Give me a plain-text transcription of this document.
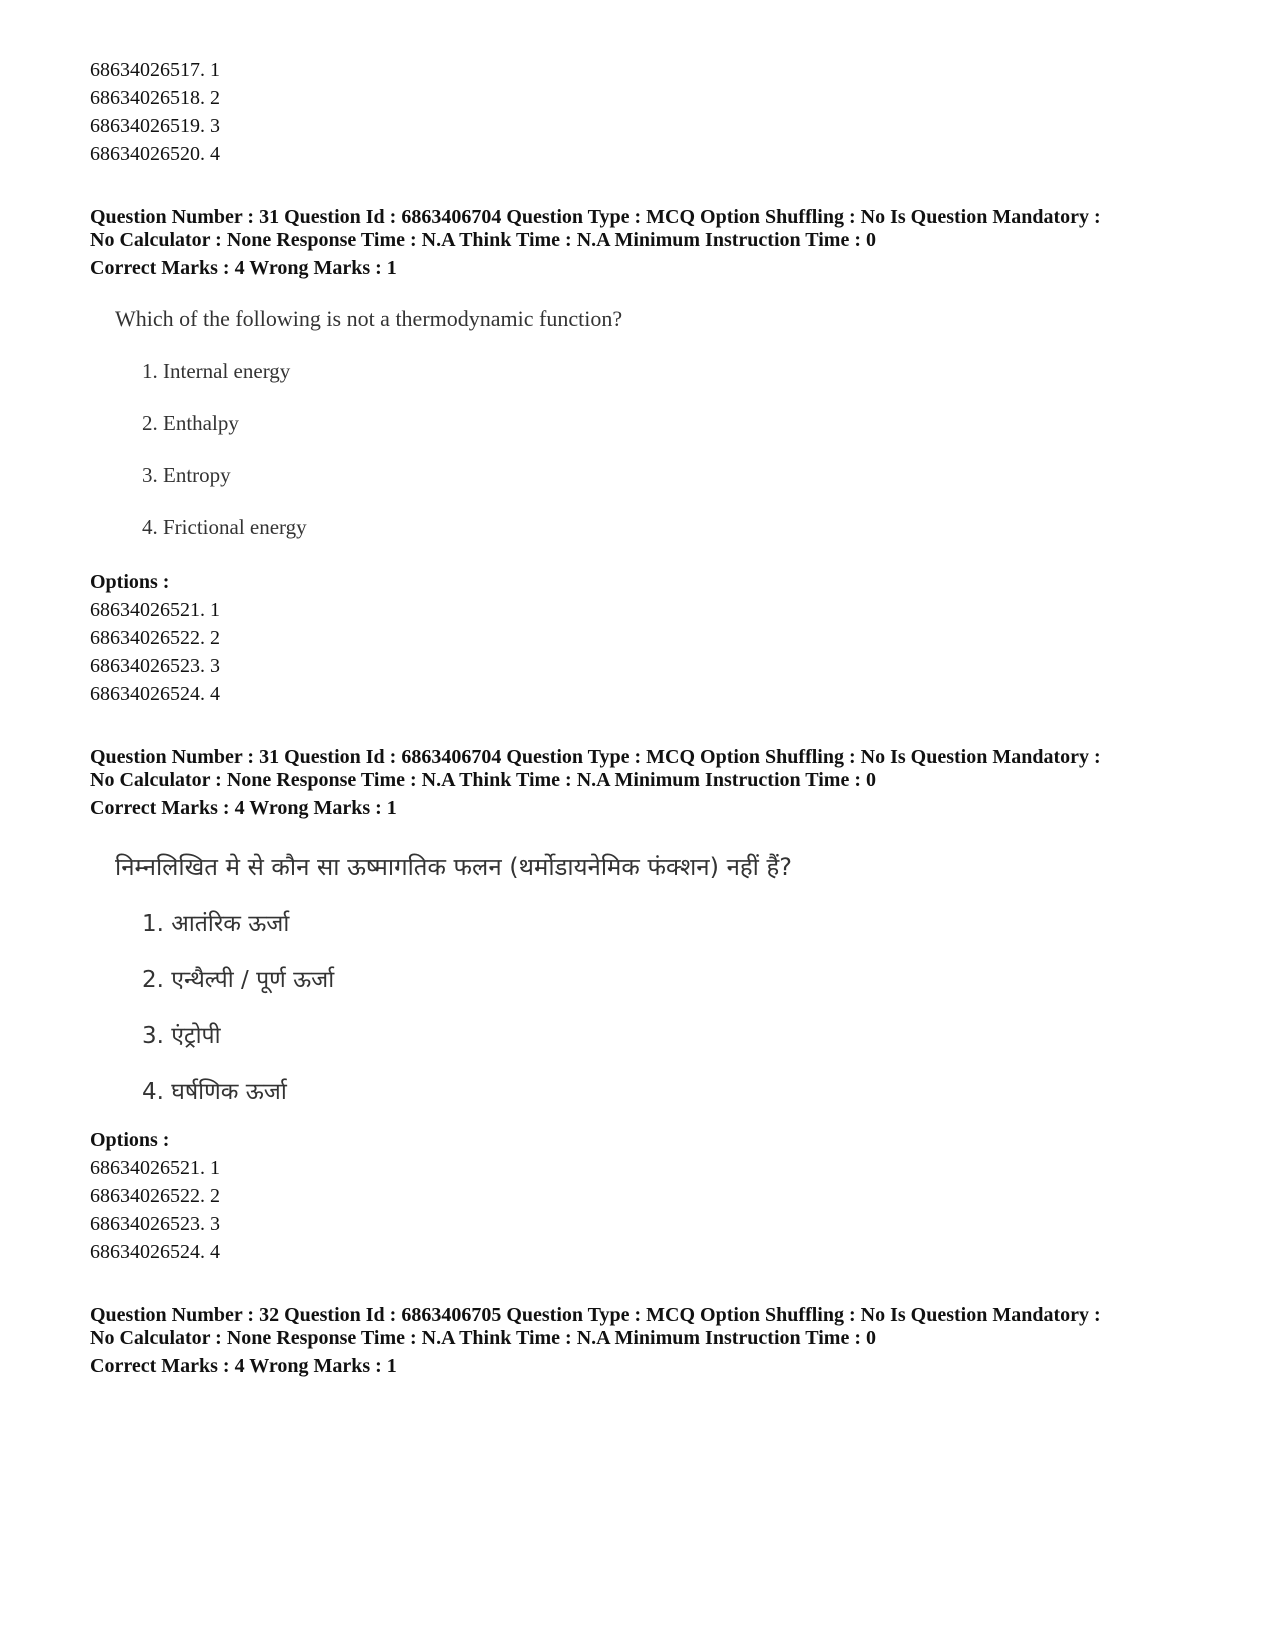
68634026517. 1
68634026518. 2
68634026519. 3
68634026520. 4
Question Number : 31 Question Id : 6863406704 Question Type : MCQ Option Shuffling : No Is Question Mandatory :
No Calculator : None Response Time : N.A Think Time : N.A Minimum Instruction Time : 0
Correct Marks : 4 Wrong Marks : 1
Which of the following is not a thermodynamic function?
1. Internal energy
2. Enthalpy
3. Entropy
4. Frictional energy
Options :
68634026521. 1
68634026522. 2
68634026523. 3
68634026524. 4
Question Number : 31 Question Id : 6863406704 Question Type : MCQ Option Shuffling : No Is Question Mandatory :
No Calculator : None Response Time : N.A Think Time : N.A Minimum Instruction Time : 0
Correct Marks : 4 Wrong Marks : 1
निम्नलिखित मे से कौन सा ऊष्मागतिक फलन (थर्मोडायनेमिक फंक्शन) नहीं हैं?
1. आतंरिक ऊर्जा
2. एन्थैल्पी / पूर्ण ऊर्जा
3. एंट्रोपी
4. घर्षणिक ऊर्जा
Options :
68634026521. 1
68634026522. 2
68634026523. 3
68634026524. 4
Question Number : 32 Question Id : 6863406705 Question Type : MCQ Option Shuffling : No Is Question Mandatory :
No Calculator : None Response Time : N.A Think Time : N.A Minimum Instruction Time : 0
Correct Marks : 4 Wrong Marks : 1
